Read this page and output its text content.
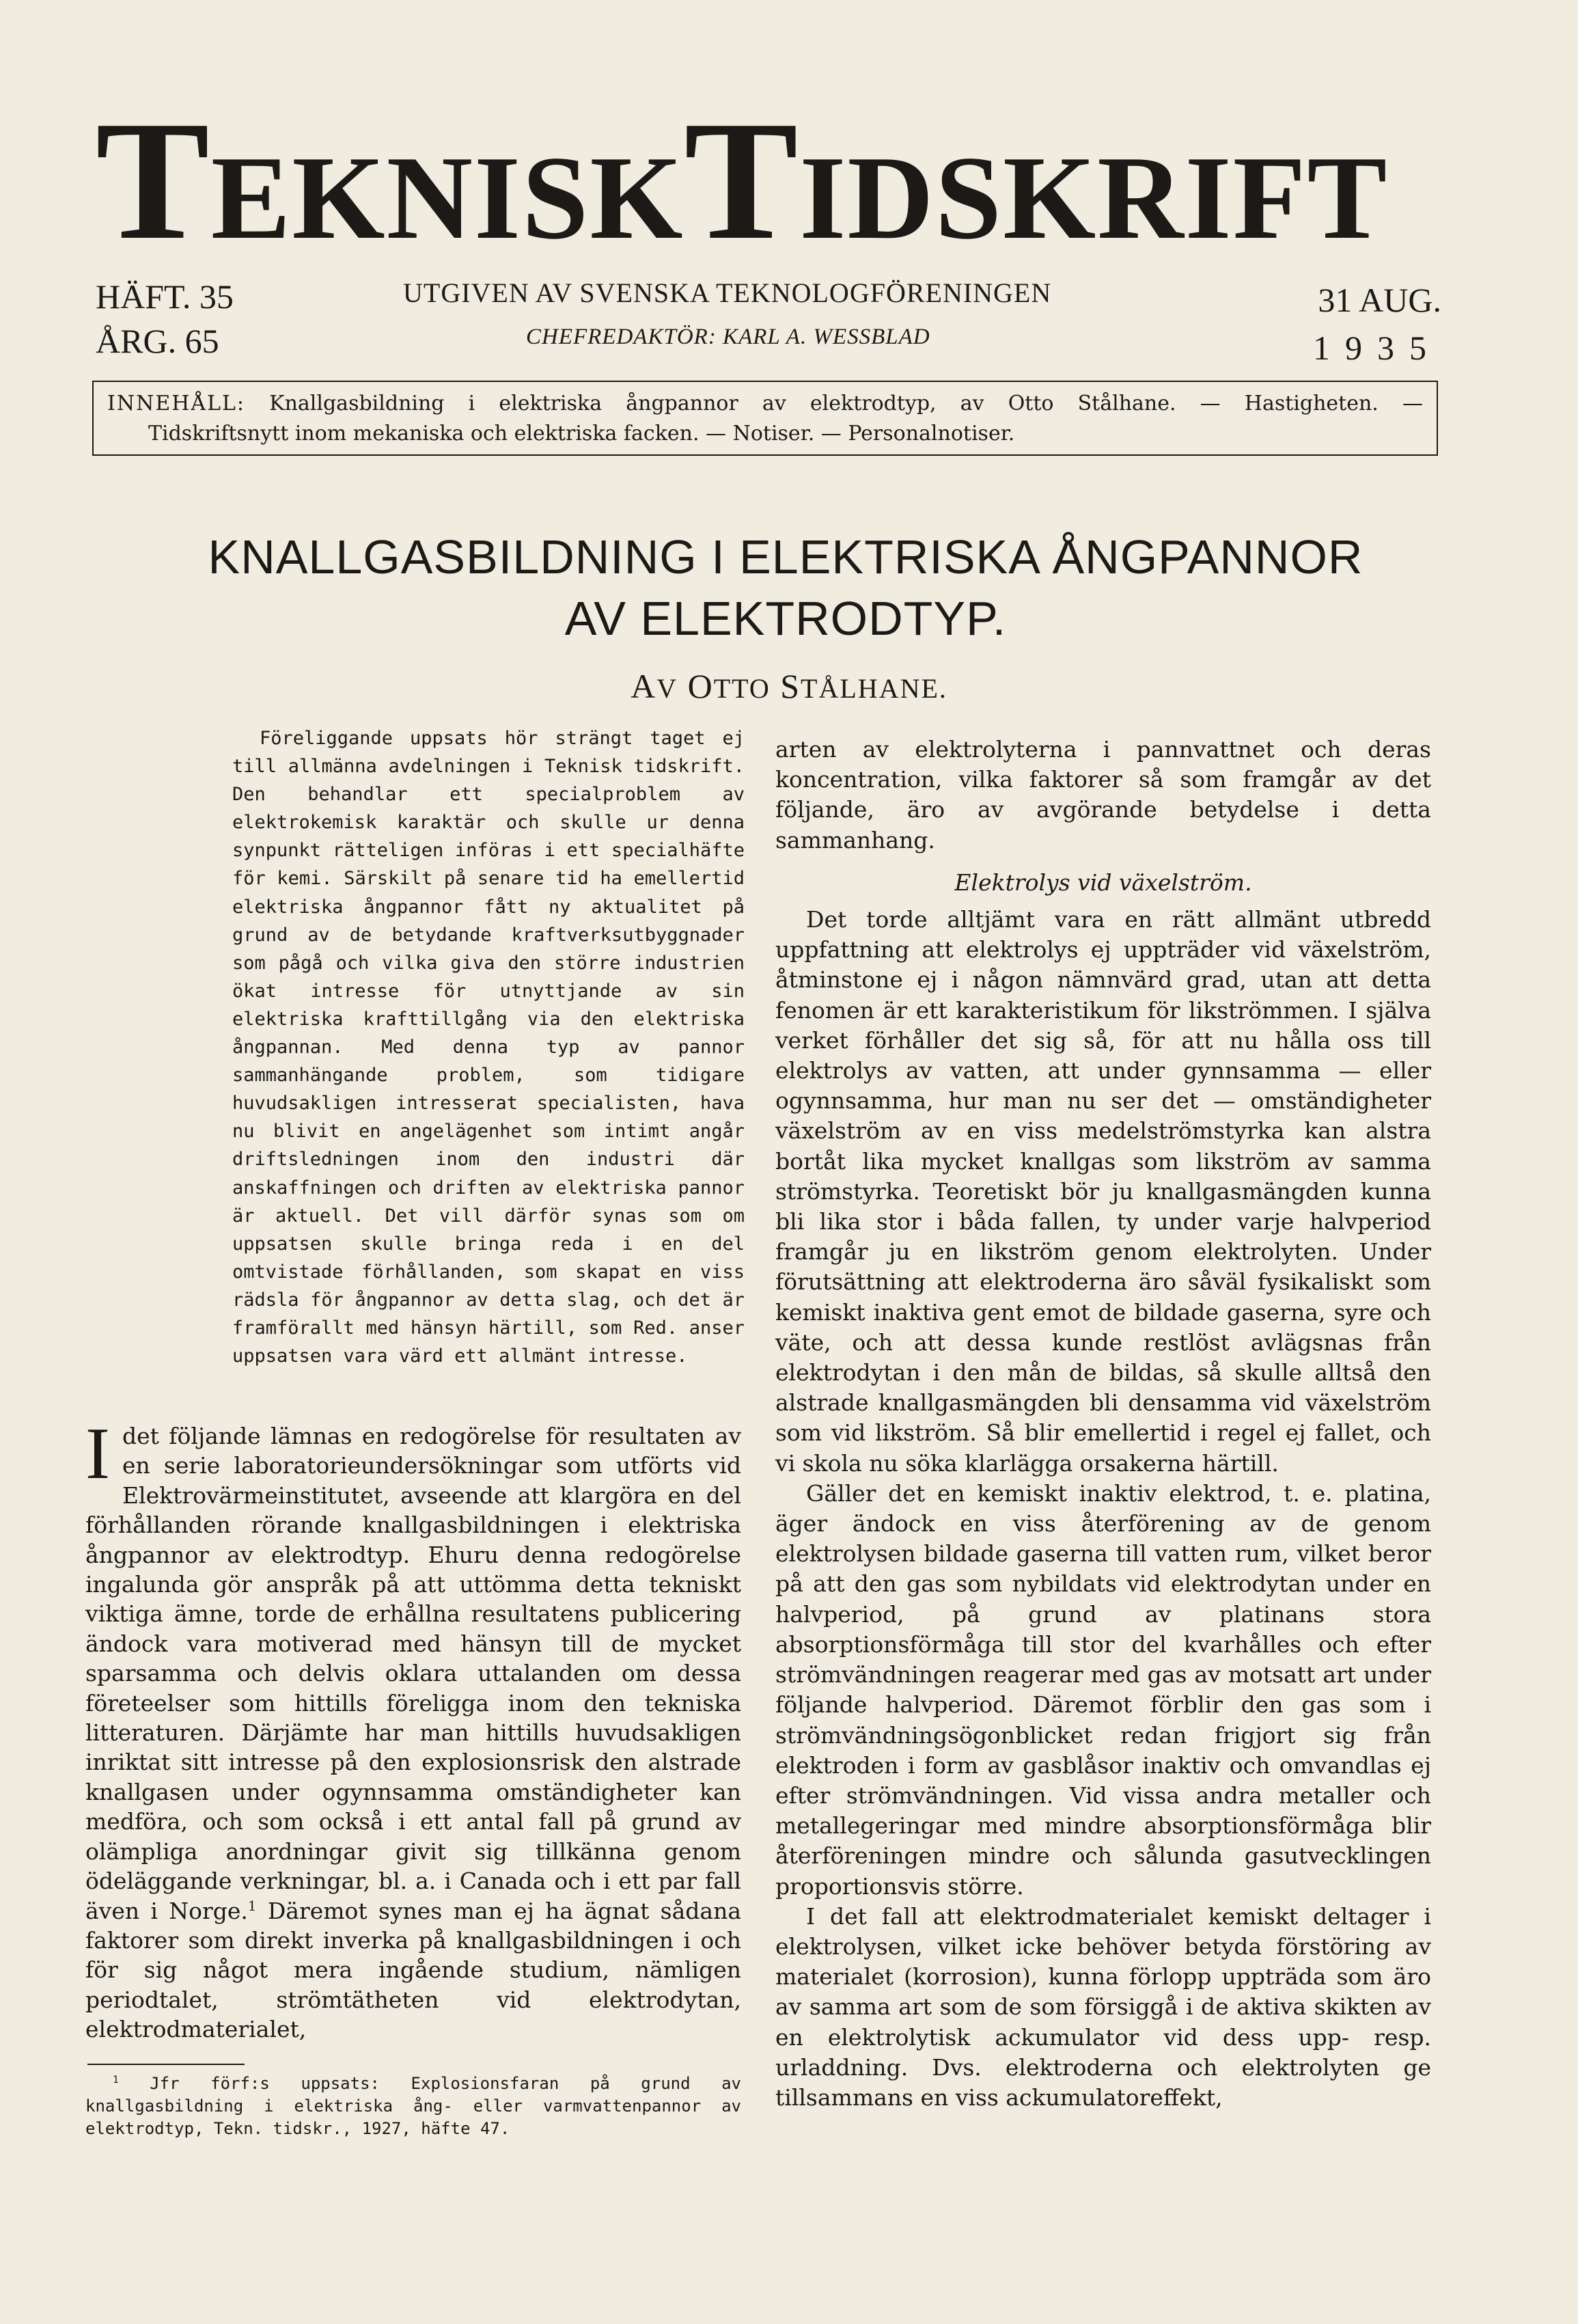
TEKNISKTIDSKRIFT
HÄFT. 35
ÅRG. 65
UTGIVEN AV SVENSKA TEKNOLOGFÖRENINGEN
CHEFREDAKTÖR: KARL A. WESSBLAD
31 AUG.
1935

INNEHÅLL: Knallgasbildning i elektriska ångpannor av elektrodtyp, av Otto Stålhane. — Hastigheten. —

Tidskriftsnytt inom mekaniska och elektriska facken. — Notiser. — Personalnotiser.

KNALLGASBILDNING I ELEKTRISKA ÅNGPANNOR
AV ELEKTRODTYP.
AV OTTO STÅLHANE.

Föreliggande uppsats hör strängt taget ej till allmänna avdelningen i Teknisk tidskrift. Den behandlar ett specialproblem av elektrokemisk karaktär och skulle ur denna synpunkt rätteligen införas i ett specialhäfte för kemi. Särskilt på senare tid ha emellertid elektriska ångpannor fått ny aktualitet på grund av de betydande kraftverksutbyggnader som pågå och vilka giva den större industrien ökat intresse för utnyttjande av sin elektriska krafttillgång via den elektriska ångpannan. Med denna typ av pannor sammanhängande problem, som tidigare huvudsakligen intresserat specialisten, hava nu blivit en angelägenhet som intimt angår driftsledningen inom den industri där anskaffningen och driften av elektriska pannor är aktuell. Det vill därför synas som om uppsatsen skulle bringa reda i en del omtvistade förhållanden, som skapat en viss rädsla för ångpannor av detta slag, och det är framförallt med hänsyn härtill, som Red. anser uppsatsen vara värd ett allmänt intresse.

Idet följande lämnas en redogörelse för resultaten av en serie laboratorieundersökningar som utförts vid Elektrovärmeinstitutet, avseende att klargöra en del förhållanden rörande knallgasbildningen i elektriska ångpannor av elektrodtyp. Ehuru denna redogörelse ingalunda gör anspråk på att uttömma detta tekniskt viktiga ämne, torde de erhållna resultatens publicering ändock vara motiverad med hänsyn till de mycket sparsamma och delvis oklara uttalanden om dessa företeelser som hittills föreligga inom den tekniska litteraturen. Därjämte har man hittills huvudsakligen inriktat sitt intresse på den explosionsrisk den alstrade knallgasen under ogynnsamma omständigheter kan medföra, och som också i ett antal fall på grund av olämpliga anordningar givit sig tillkänna genom ödeläggande verkningar, bl. a. i Canada och i ett par fall även i Norge.$^1$ Däremot synes man ej ha ägnat sådana faktorer som direkt inverka på knallgasbildningen i och för sig något mera ingående studium, nämligen periodtalet, strömtätheten vid elektrodytan, elektrodmaterialet,

$^1$ Jfr förf:s uppsats: Explosionsfaran på grund av knallgasbildning i elektriska ång- eller varmvattenpannor av elektrodtyp, Tekn. tidskr., 1927, häfte 47.

arten av elektrolyterna i pannvattnet och deras koncentration, vilka faktorer så som framgår av det följande, äro av avgörande betydelse i detta sammanhang.

Elektrolys vid växelström.

Det torde alltjämt vara en rätt allmänt utbredd uppfattning att elektrolys ej uppträder vid växelström, åtminstone ej i någon nämnvärd grad, utan att detta fenomen är ett karakteristikum för likströmmen. I själva verket förhåller det sig så, för att nu hålla oss till elektrolys av vatten, att under gynnsamma — eller ogynnsamma, hur man nu ser det — omständigheter växelström av en viss medelströmstyrka kan alstra bortåt lika mycket knallgas som likström av samma strömstyrka. Teoretiskt bör ju knallgasmängden kunna bli lika stor i båda fallen, ty under varje halvperiod framgår ju en likström genom elektrolyten. Under förutsättning att elektroderna äro såväl fysikaliskt som kemiskt inaktiva gent emot de bildade gaserna, syre och väte, och att dessa kunde restlöst avlägsnas från elektrodytan i den mån de bildas, så skulle alltså den alstrade knallgasmängden bli densamma vid växelström som vid likström. Så blir emellertid i regel ej fallet, och vi skola nu söka klarlägga orsakerna härtill.

Gäller det en kemiskt inaktiv elektrod, t. e. platina, äger ändock en viss återförening av de genom elektrolysen bildade gaserna till vatten rum, vilket beror på att den gas som nybildats vid elektrodytan under en halvperiod, på grund av platinans stora absorptionsförmåga till stor del kvarhålles och efter strömvändningen reagerar med gas av motsatt art under följande halvperiod. Däremot förblir den gas som i strömvändningsögonblicket redan frigjort sig från elektroden i form av gasblåsor inaktiv och omvandlas ej efter strömvändningen. Vid vissa andra metaller och metallegeringar med mindre absorptionsförmåga blir återföreningen mindre och sålunda gasutvecklingen proportionsvis större.

I det fall att elektrodmaterialet kemiskt deltager i elektrolysen, vilket icke behöver betyda förstöring av materialet (korrosion), kunna förlopp uppträda som äro av samma art som de som försiggå i de aktiva skikten av en elektrolytisk ackumulator vid dess upp- resp. urladdning. Dvs. elektroderna och elektrolyten ge tillsammans en viss ackumulatoreffekt,
